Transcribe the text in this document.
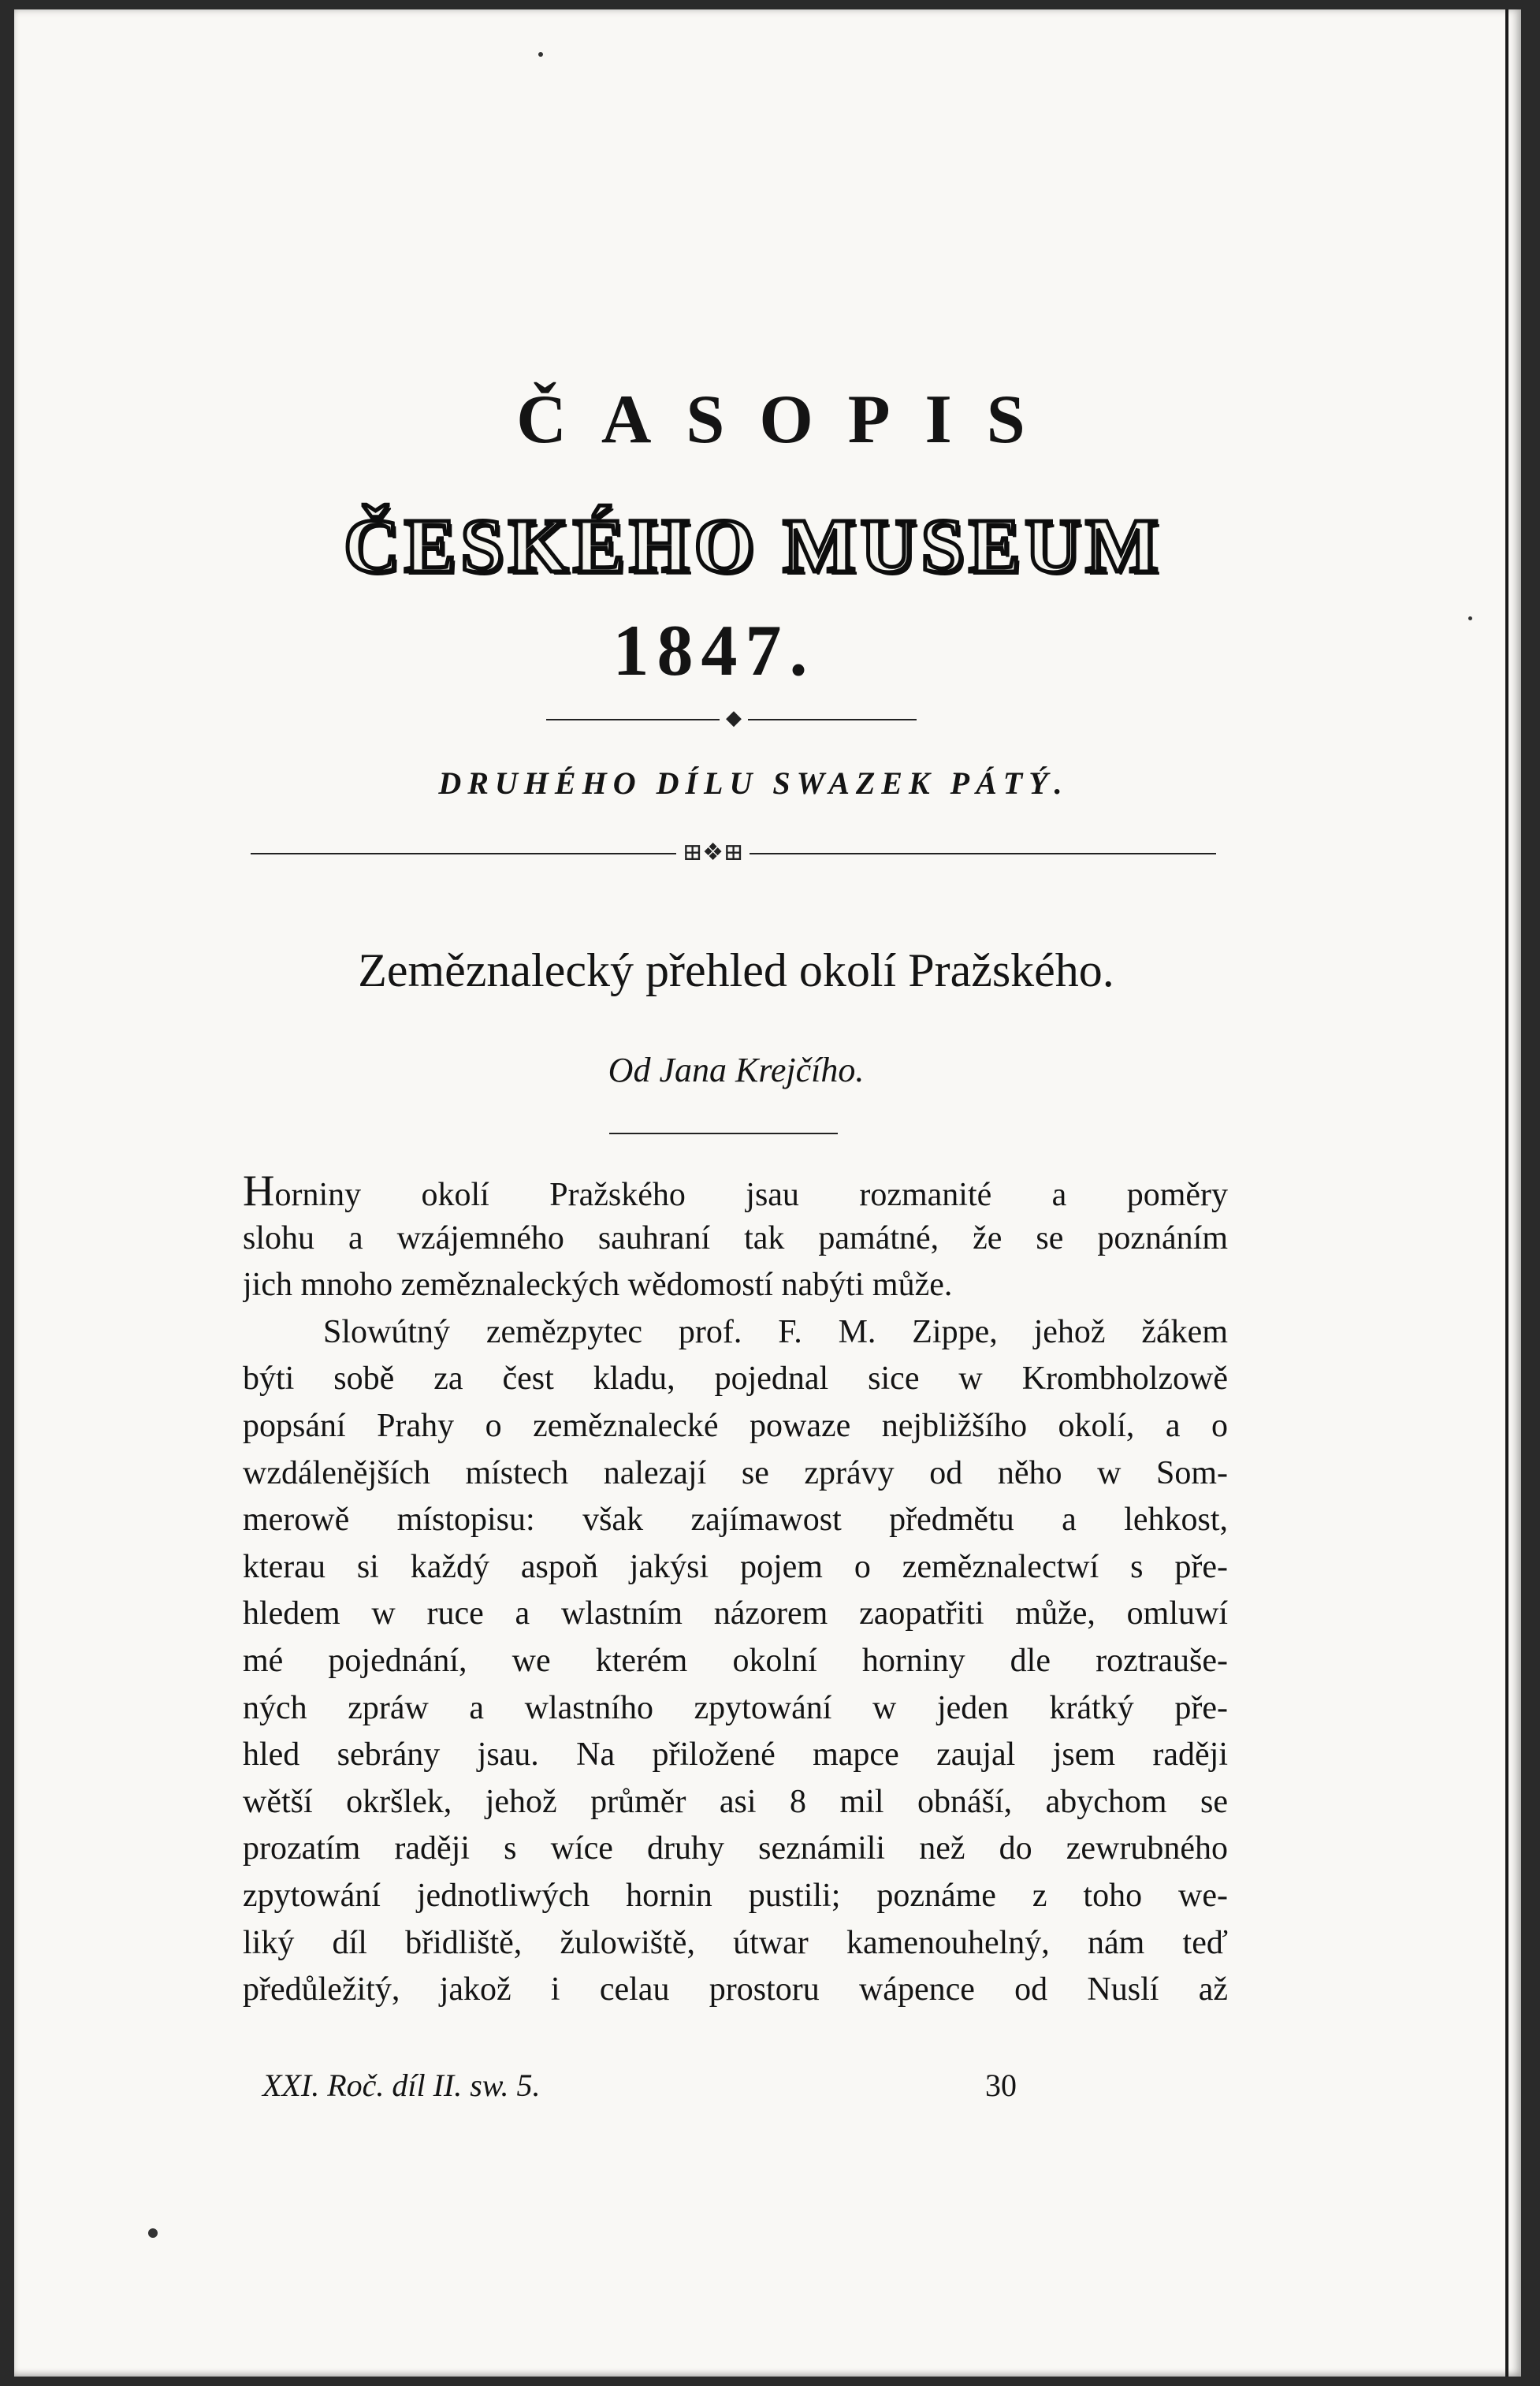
ČASOPIS
ČESKÉHO MUSEUM
1847.
◆
DRUHÉHO DÍLU SWAZEK PÁTÝ.
⊞❖⊞
Zeměznalecký přehled okolí Pražského.
Od Jana Krejčího.
Horniny okolí Pražského jsau rozmanité a poměry
slohu a wzájemného sauhraní tak památné, že se poznáním
jich mnoho zeměznaleckých wědomostí nabýti může.
Slowútný zemězpytec prof. F. M. Zippe, jehož žákem
býti sobě za čest kladu, pojednal sice w Krombholzowě
popsání Prahy o zeměznalecké powaze nejbližšího okolí, a o
wzdálenějších místech nalezají se zprávy od něho w Som-
merowě místopisu: však zajímawost předmětu a lehkost,
kterau si každý aspoň jakýsi pojem o zeměznalectwí s pře-
hledem w ruce a wlastním názorem zaopatřiti může, omluwí
mé pojednání, we kterém okolní horniny dle roztraušе-
ných zpráw a wlastního zpytowání w jeden krátký pře-
hled sebrány jsau. Na přiložené mapce zaujal jsem raději
wětší okršlek, jehož průměr asi 8 mil obnáší, abychom se
prozatím raději s wíce druhy seznámili než do zewrubného
zpytowání jednotliwých hornin pustili; poznáme z toho we-
liký díl břidliště, žulowiště, útwar kamenouhelný, nám teď
předůležitý, jakož i celau prostoru wápence od Nuslí až
XXI. Roč. díl II. sw. 5.	30
